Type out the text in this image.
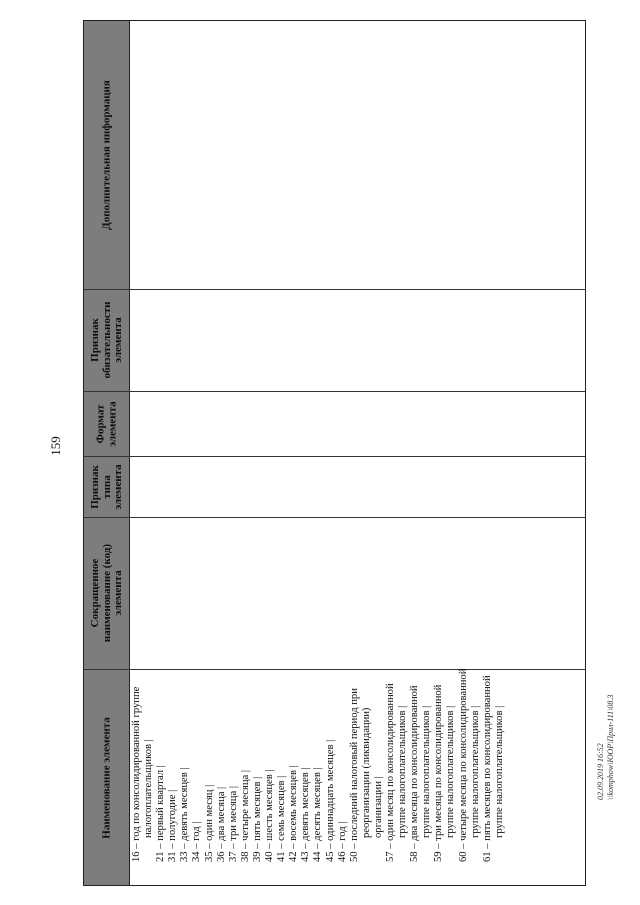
159
02.09.2019 16:52 \\komphow\ЮОР\Прил-111\08.3
Наименование элемента
Сокращенное наименование (код) элемента
Признак типа элемента
Формат элемента
Признак обязательности элемента
Дополнительная информация
16 – год по консолидированной группе налогоплательщиков | 21 – первый квартал | 31 – полугодие | 33 – девять месяцев | 34 – год | 35 – один месяц | 36 – два месяца | 37 – три месяца | 38 – четыре месяца | 39 – пять месяцев | 40 – шесть месяцев | 41 – семь месяцев | 42 – восемь месяцев | 43 – девять месяцев | 44 – десять месяцев | 45 – одиннадцать месяцев | 46 – год | 50 – последний налоговый период при реорганизации (ликвидации) организации | 57 – один месяц по консолидированной группе налогоплательщиков | 58 – два месяца по консолидированной группе налогоплательщиков | 59 – три месяца по консолидированной группе налогоплательщиков | 60 – четыре месяца по консолидированной группе налогоплательщиков | 61 – пять месяцев по консолидированной группе налогоплательщиков |
